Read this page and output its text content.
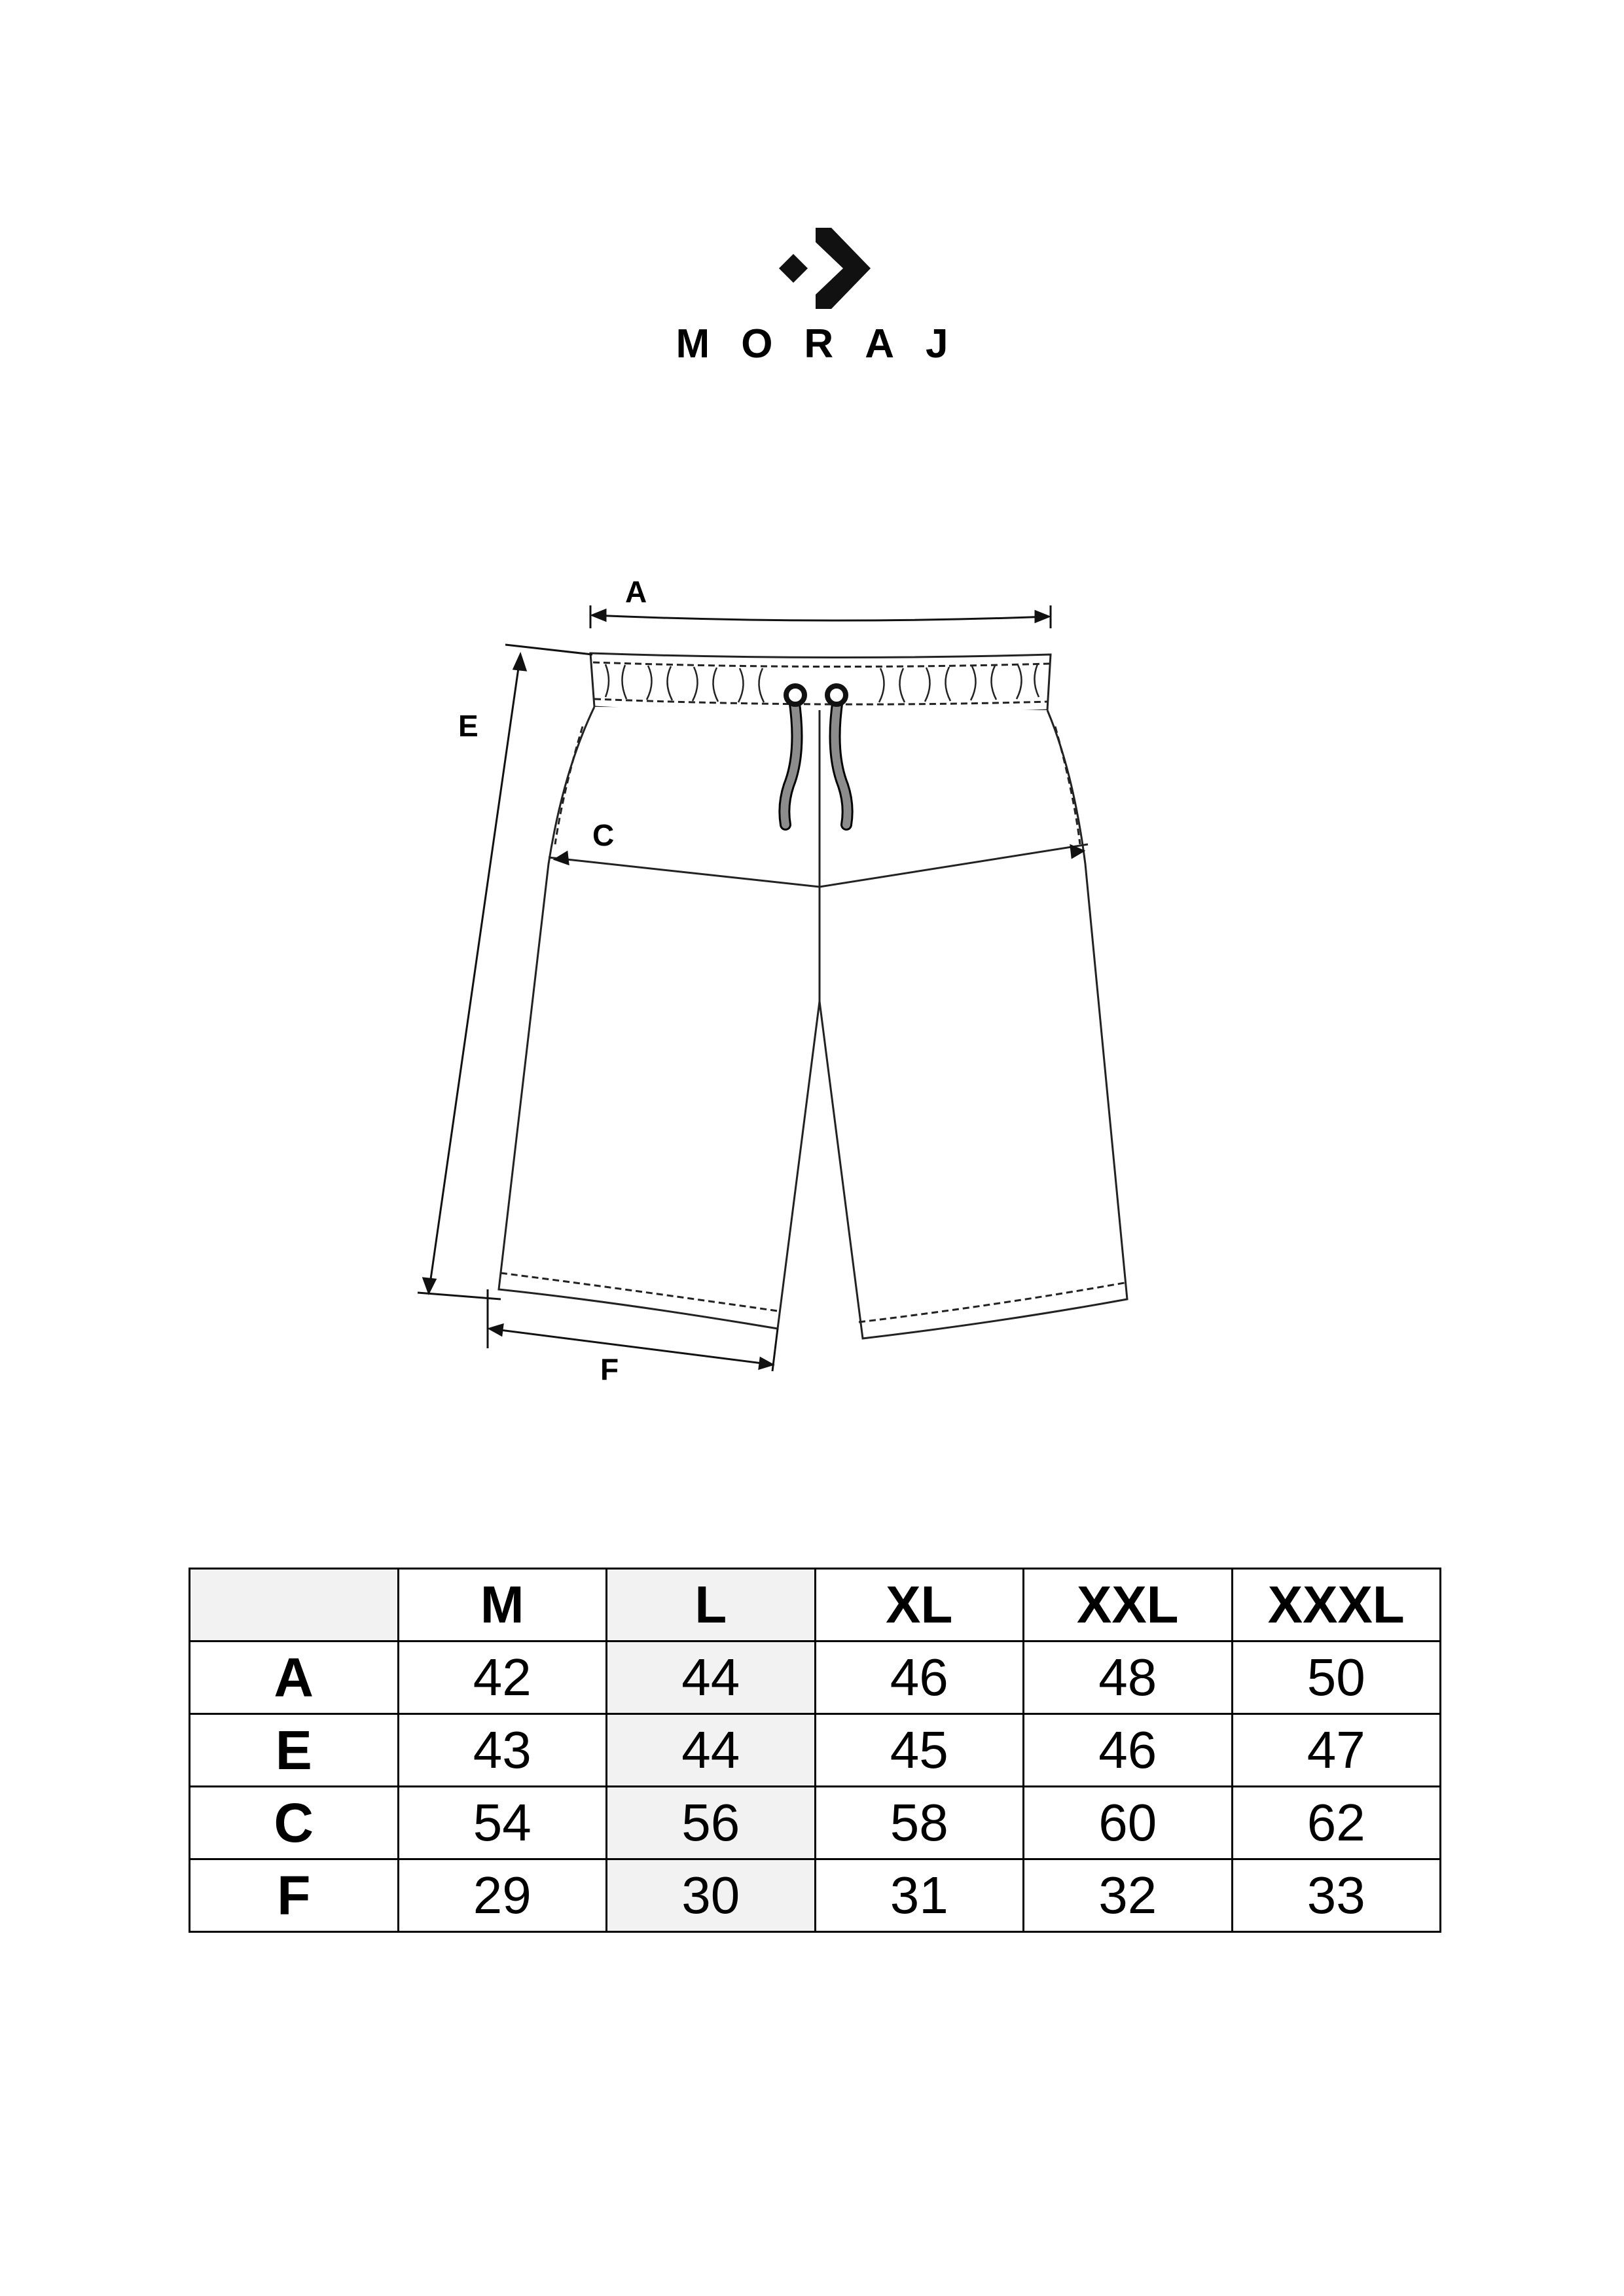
MORAJ
A
E
C
F
	M	L	XL	XXL	XXXL
A	42	44	46	48	50
E	43	44	45	46	47
C	54	56	58	60	62
F	29	30	31	32	33
